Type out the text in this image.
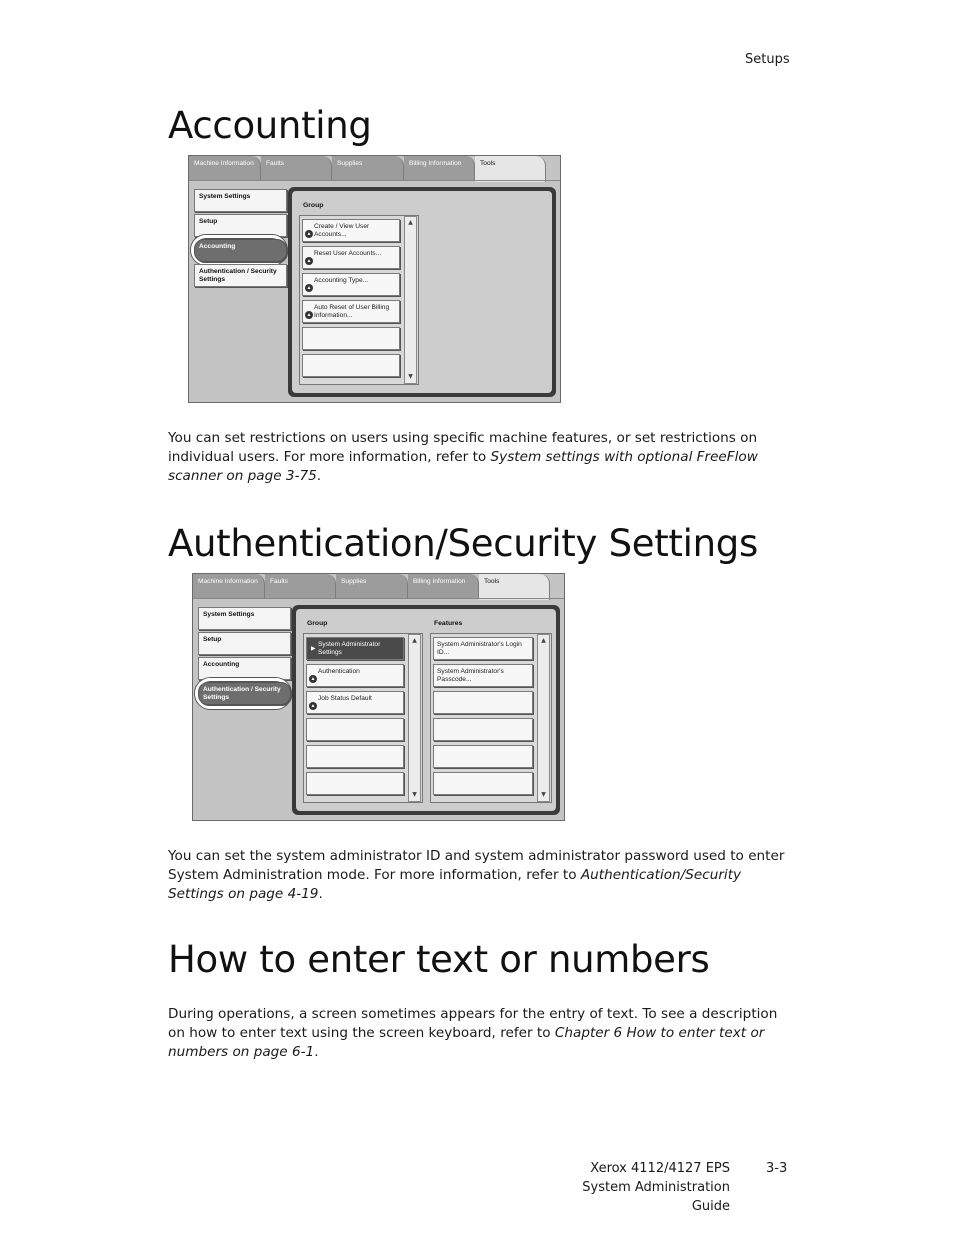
Setups
Accounting
Machine Information	Faults	Supplies	Billing Information	Tools
System Settings
Setup
Accounting
Authentication / Security Settings
Group
Create / View User Accounts...
▲
Reset User Accounts...
▲
Accounting Type...
▲
Auto Reset of User Billing Information...
▲
▲
▼

You can set restrictions on users using specific machine features, or set restrictions on individual users. For more information, refer to System settings with optional FreeFlow scanner on page 3-75.

Authentication/Security Settings
Machine Information	Faults	Supplies	Billing Information	Tools
System Settings
Setup
Accounting
Authentication / Security Settings
Group	Features
▶
System Administrator Settings
Authentication
▲
Job Status Default
▲
▲
▼
System Administrator's Login ID...
System Administrator's Passcode...
▲
▼

You can set the system administrator ID and system administrator password used to enter System Administration mode. For more information, refer to Authentication/Security Settings on page 4-19.

How to enter text or numbers

During operations, a screen sometimes appears for the entry of text. To see a description on how to enter text using the screen keyboard, refer to Chapter 6 How to enter text or numbers on page 6-1.

Xerox 4112/4127 EPS
System Administration Guide
3-3
